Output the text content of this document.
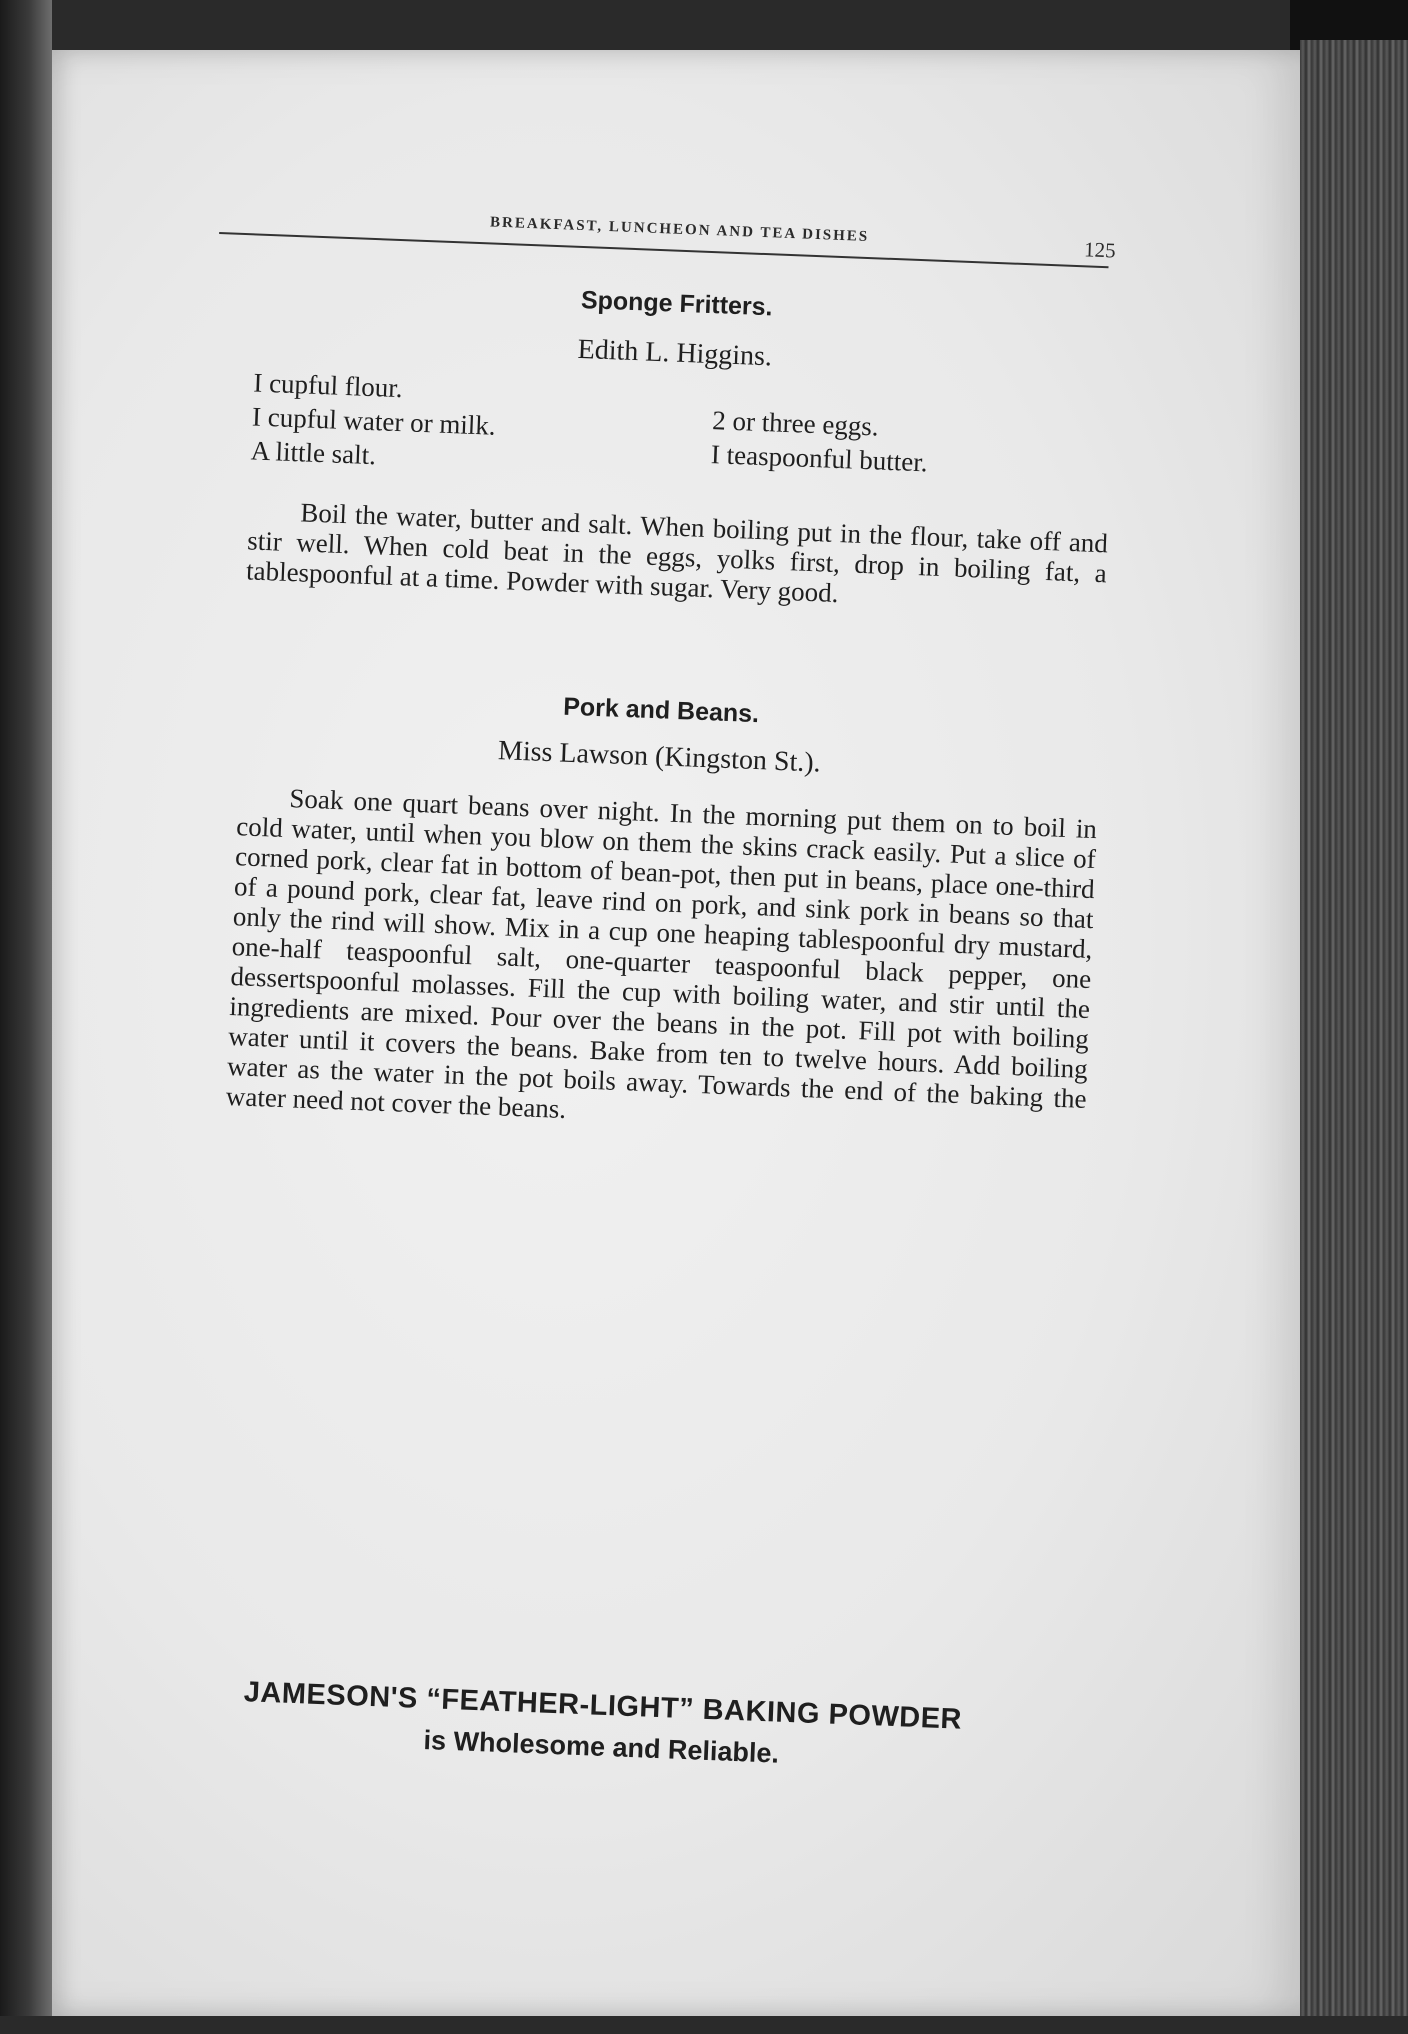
BREAKFAST, LUNCHEON AND TEA DISHES
125
Sponge Fritters.
Edith L. Higgins.
I cupful flour.
I cupful water or milk.
A little salt.
2 or three eggs.
I teaspoonful butter.

Boil the water, butter and salt. When boiling put in the flour, take off and stir well. When cold beat in the eggs, yolks first, drop in boiling fat, a tablespoonful at a time. Powder with sugar. Very good.

Pork and Beans.
Miss Lawson (Kingston St.).

Soak one quart beans over night. In the morning put them on to boil in cold water, until when you blow on them the skins crack easily. Put a slice of corned pork, clear fat in bottom of bean-pot, then put in beans, place one-third of a pound pork, clear fat, leave rind on pork, and sink pork in beans so that only the rind will show. Mix in a cup one heaping tablespoonful dry mustard, one-half teaspoonful salt, one-quarter teaspoonful black pepper, one dessertspoonful molasses. Fill the cup with boiling water, and stir until the ingredients are mixed. Pour over the beans in the pot. Fill pot with boiling water until it covers the beans. Bake from ten to twelve hours. Add boiling water as the water in the pot boils away. Towards the end of the baking the water need not cover the beans.

JAMESON'S “FEATHER-LIGHT” BAKING POWDER
is Wholesome and Reliable.
